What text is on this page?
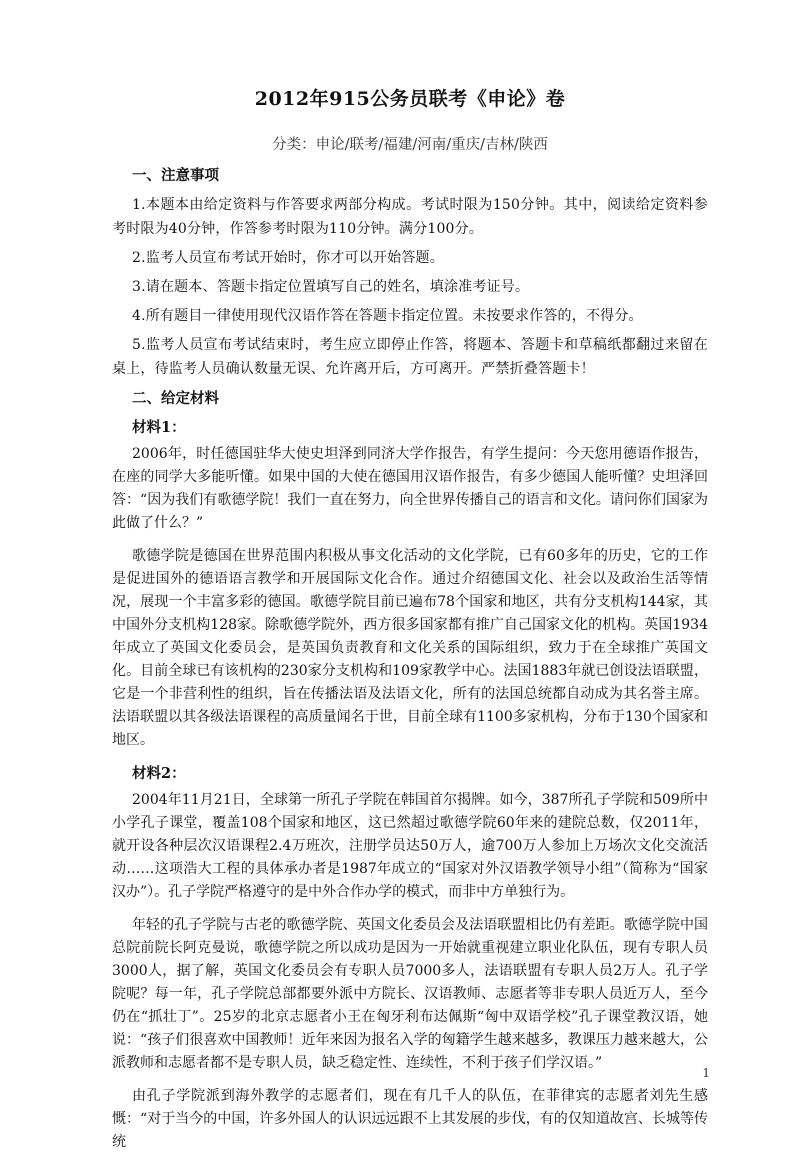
2012年915公务员联考《申论》卷
分类：申论/联考/福建/河南/重庆/吉林/陕西
一、注意事项

1.本题本由给定资料与作答要求两部分构成。考试时限为150分钟。其中，阅读给定资料参考时限为40分钟，作答参考时限为110分钟。满分100分。

2.监考人员宣布考试开始时，你才可以开始答题。

3.请在题本、答题卡指定位置填写自己的姓名，填涂准考证号。

4.所有题目一律使用现代汉语作答在答题卡指定位置。未按要求作答的，不得分。

5.监考人员宣布考试结束时，考生应立即停止作答，将题本、答题卡和草稿纸都翻过来留在桌上，待监考人员确认数量无误、允许离开后，方可离开。严禁折叠答题卡！

二、给定材料
材料1：

2006年，时任德国驻华大使史坦泽到同济大学作报告，有学生提问：今天您用德语作报告，在座的同学大多能听懂。如果中国的大使在德国用汉语作报告，有多少德国人能听懂？史坦泽回答：“因为我们有歌德学院！我们一直在努力，向全世界传播自己的语言和文化。请问你们国家为此做了什么？”

歌德学院是德国在世界范围内积极从事文化活动的文化学院，已有60多年的历史，它的工作是促进国外的德语语言教学和开展国际文化合作。通过介绍德国文化、社会以及政治生活等情况，展现一个丰富多彩的德国。歌德学院目前已遍布78个国家和地区，共有分支机构144家，其中国外分支机构128家。除歌德学院外，西方很多国家都有推广自己国家文化的机构。英国1934年成立了英国文化委员会，是英国负责教育和文化关系的国际组织，致力于在全球推广英国文化。目前全球已有该机构的230家分支机构和109家教学中心。法国1883年就已创设法语联盟，它是一个非营利性的组织，旨在传播法语及法语文化，所有的法国总统都自动成为其名誉主席。法语联盟以其各级法语课程的高质量闻名于世，目前全球有1100多家机构，分布于130个国家和地区。

材料2：

2004年11月21日，全球第一所孔子学院在韩国首尔揭牌。如今，387所孔子学院和509所中小学孔子课堂，覆盖108个国家和地区，这已然超过歌德学院60年来的建院总数，仅2011年，就开设各种层次汉语课程2.4万班次，注册学员达50万人，逾700万人参加上万场次文化交流活动……这项浩大工程的具体承办者是1987年成立的“国家对外汉语教学领导小组”（简称为“国家汉办”）。孔子学院严格遵守的是中外合作办学的模式，而非中方单独行为。

年轻的孔子学院与古老的歌德学院、英国文化委员会及法语联盟相比仍有差距。歌德学院中国总院前院长阿克曼说，歌德学院之所以成功是因为一开始就重视建立职业化队伍，现有专职人员3000人，据了解，英国文化委员会有专职人员7000多人，法语联盟有专职人员2万人。孔子学院呢？每一年，孔子学院总部都要外派中方院长、汉语教师、志愿者等非专职人员近万人，至今仍在“抓壮丁”。25岁的北京志愿者小王在匈牙利布达佩斯“匈中双语学校”孔子课堂教汉语，她说：“孩子们很喜欢中国教师！近年来因为报名入学的匈籍学生越来越多，教课压力越来越大，公派教师和志愿者都不是专职人员，缺乏稳定性、连续性，不利于孩子们学汉语。”

由孔子学院派到海外教学的志愿者们，现在有几千人的队伍，在菲律宾的志愿者刘先生感慨：“对于当今的中国，许多外国人的认识远远跟不上其发展的步伐，有的仅知道故宫、长城等传统

1
